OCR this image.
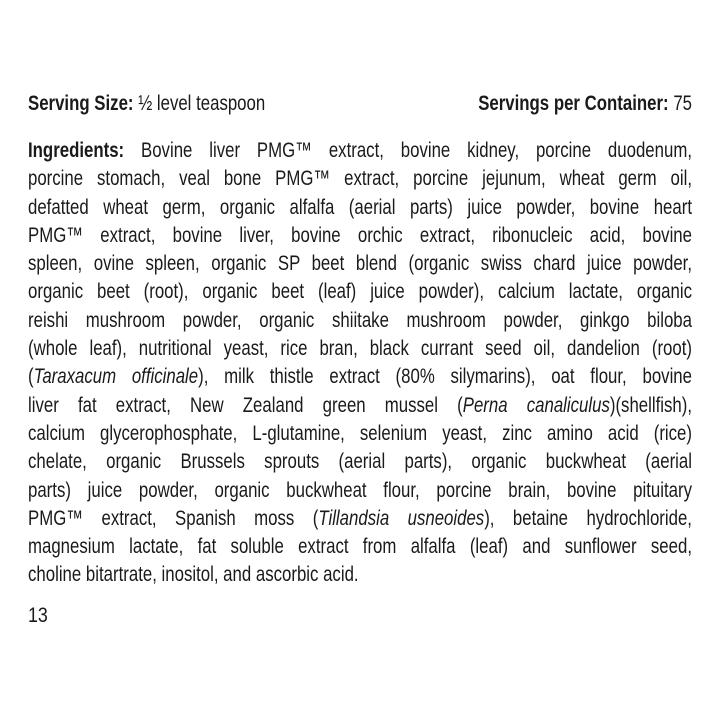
Serving Size: ½ level teaspoon	Servings per Container: 75
Ingredients: Bovine liver PMG™ extract, bovine kidney, porcine duodenum,
porcine stomach, veal bone PMG™ extract, porcine jejunum, wheat germ oil,
defatted wheat germ, organic alfalfa (aerial parts) juice powder, bovine heart
PMG™ extract, bovine liver, bovine orchic extract, ribonucleic acid, bovine
spleen, ovine spleen, organic SP beet blend (organic swiss chard juice powder,
organic beet (root), organic beet (leaf) juice powder), calcium lactate, organic
reishi mushroom powder, organic shiitake mushroom powder, ginkgo biloba
(whole leaf), nutritional yeast, rice bran, black currant seed oil, dandelion (root)
(Taraxacum officinale), milk thistle extract (80% silymarins), oat flour, bovine
liver fat extract, New Zealand green mussel (Perna canaliculus)(shellfish),
calcium glycerophosphate, L-glutamine, selenium yeast, zinc amino acid (rice)
chelate, organic Brussels sprouts (aerial parts), organic buckwheat (aerial
parts) juice powder, organic buckwheat flour, porcine brain, bovine pituitary
PMG™ extract, Spanish moss (Tillandsia usneoides), betaine hydrochloride,
magnesium lactate, fat soluble extract from alfalfa (leaf) and sunflower seed,
choline bitartrate, inositol, and ascorbic acid.
13
